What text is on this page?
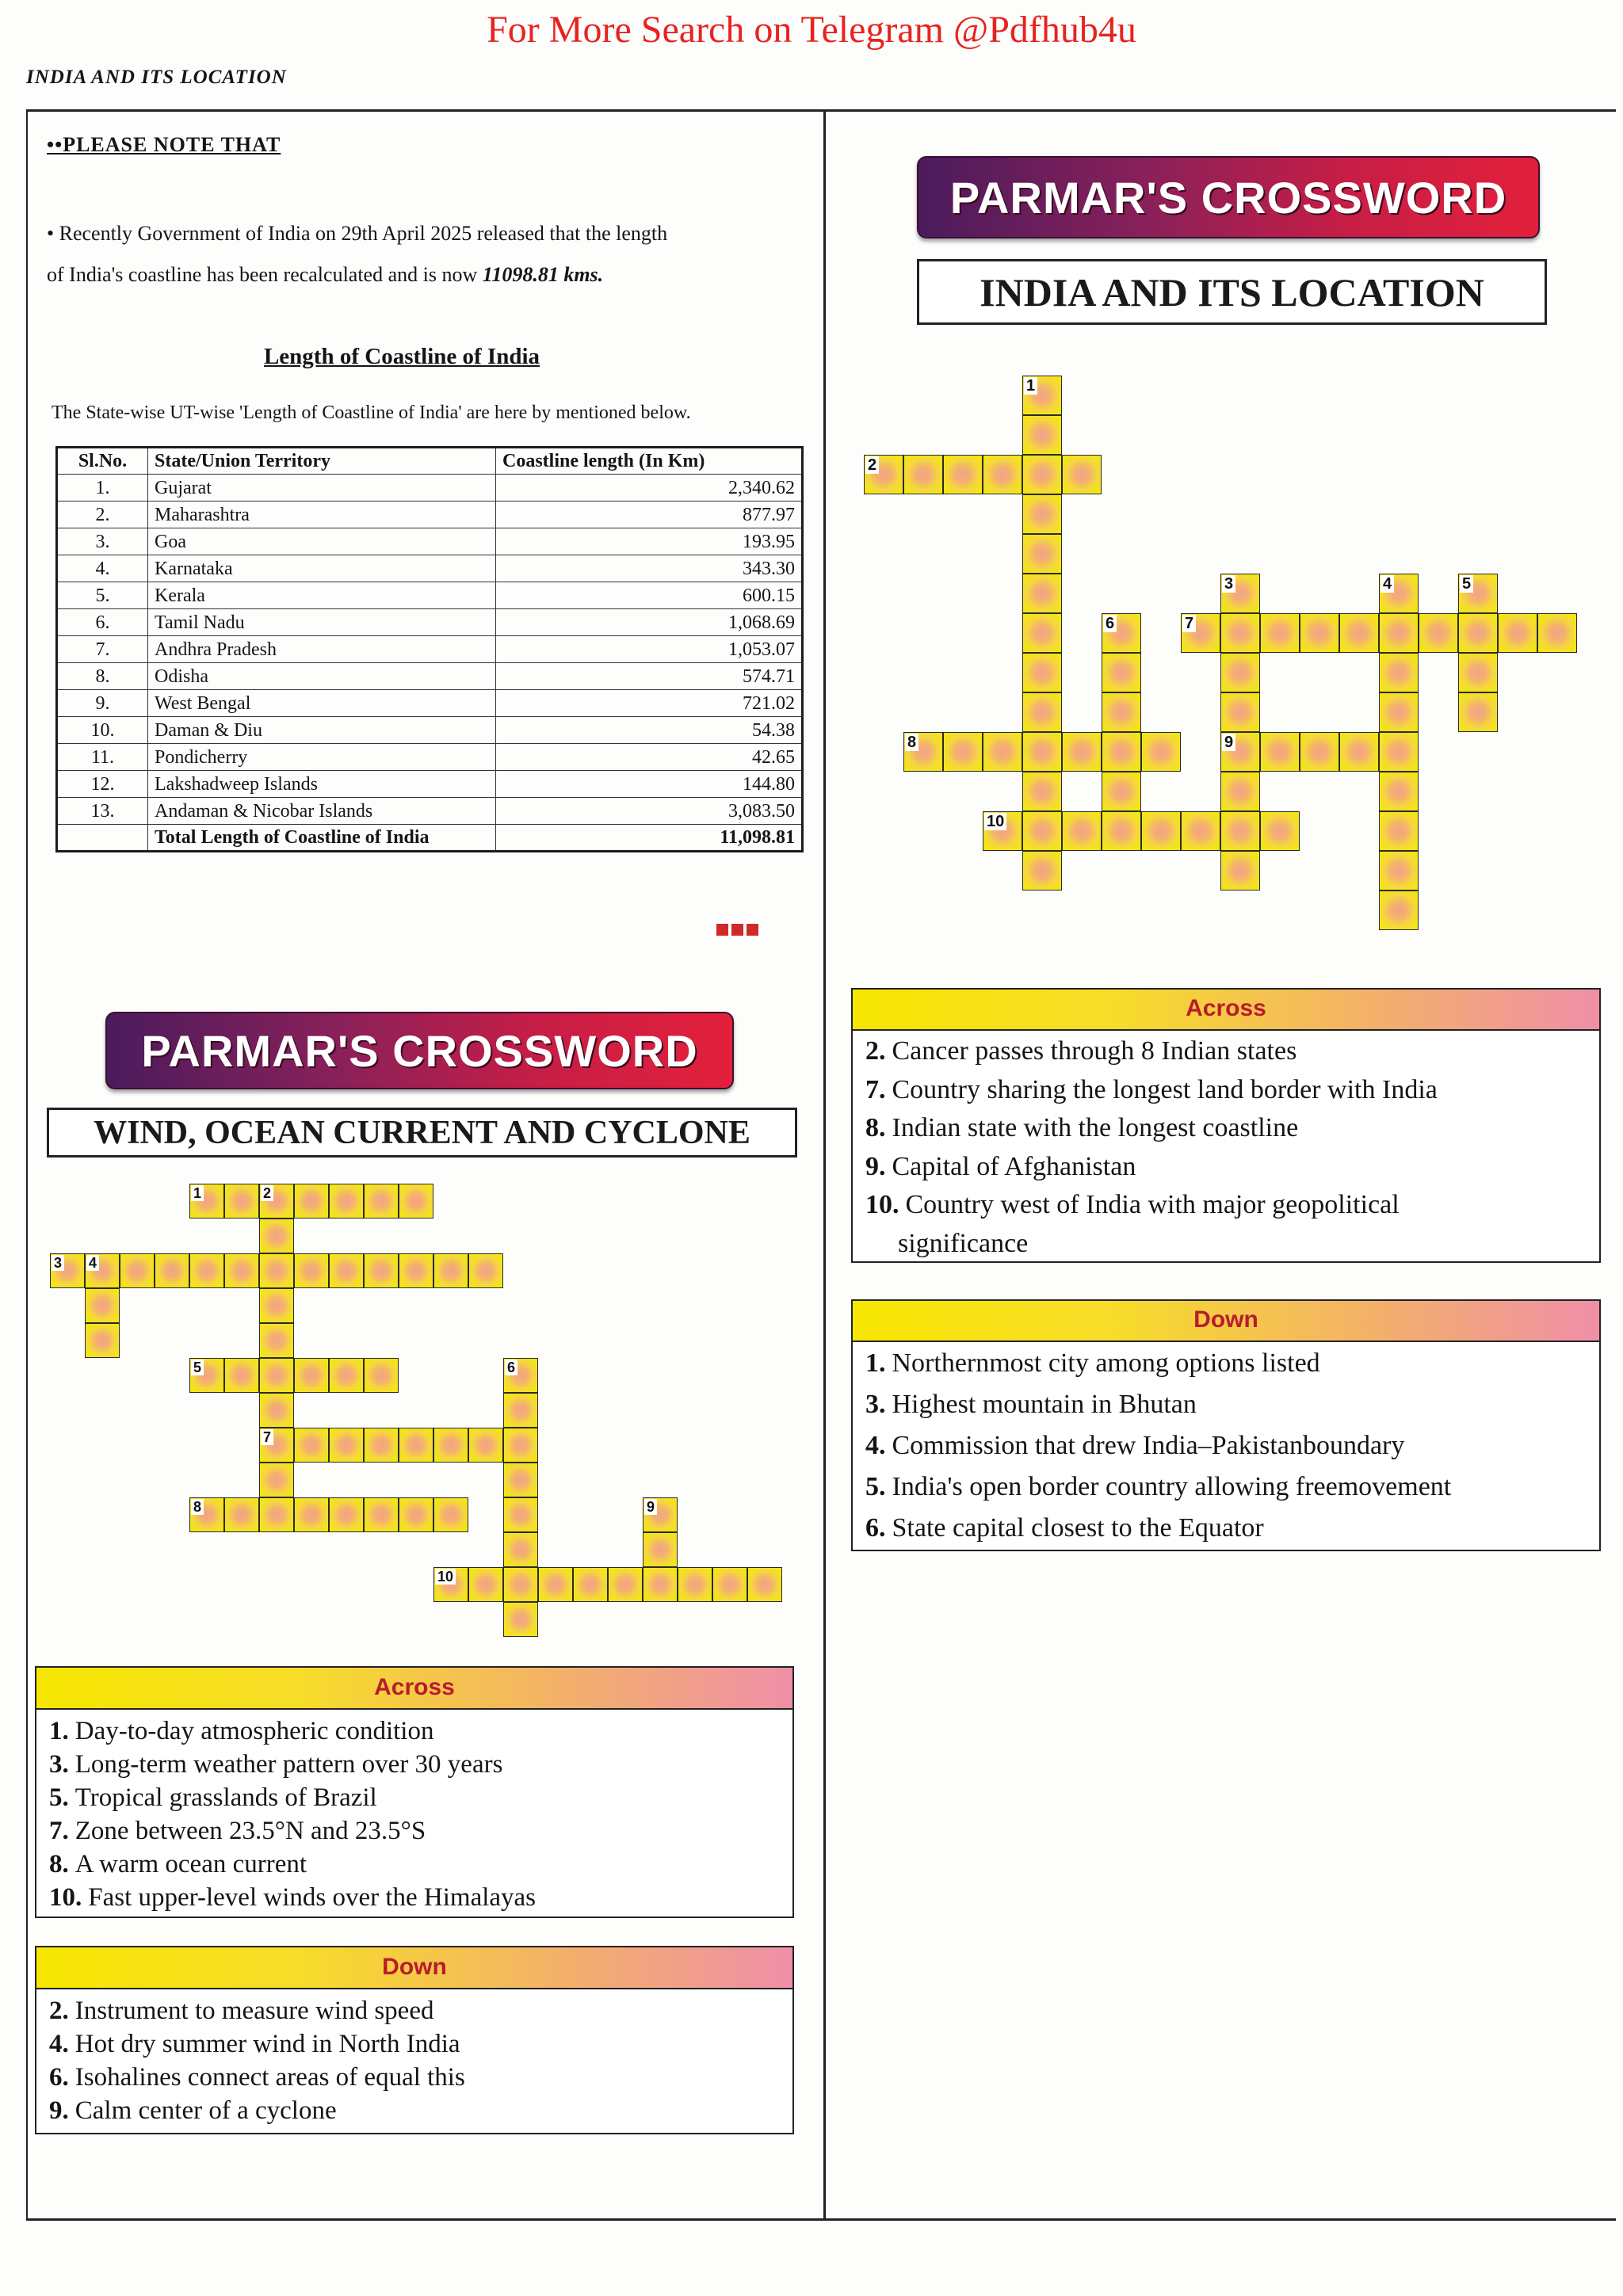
For More Search on Telegram @Pdfhub4u
INDIA AND ITS LOCATION
••PLEASE NOTE THAT
• Recently Government of India on 29th April 2025 released that the length
of India's coastline has been recalculated and is now 11098.81 kms.
Length of Coastline of India
The State-wise UT-wise 'Length of Coastline of India' are here by mentioned below.
Sl.No.	State/Union Territory	Coastline length (In Km)
1.	Gujarat	2,340.62
2.	Maharashtra	877.97
3.	Goa	193.95
4.	Karnataka	343.30
5.	Kerala	600.15
6.	Tamil Nadu	1,068.69
7.	Andhra Pradesh	1,053.07
8.	Odisha	574.71
9.	West Bengal	721.02
10.	Daman & Diu	54.38
11.	Pondicherry	42.65
12.	Lakshadweep Islands	144.80
13.	Andaman & Nicobar Islands	3,083.50
	Total Length of Coastline of India	11,098.81
PARMAR'S CROSSWORD
WIND, OCEAN CURRENT AND CYCLONE
1	2
7
3 4
5	6
8	9
10
Across
1. Day-to-day atmospheric condition
3. Long-term weather pattern over 30 years
5. Tropical grasslands of Brazil
7. Zone between 23.5°N and 23.5°S
8. A warm ocean current
10. Fast upper-level winds over the Himalayas
Down
2. Instrument to measure wind speed
4. Hot dry summer wind in North India
6. Isohalines connect areas of equal this
9. Calm center of a cyclone
PARMAR'S CROSSWORD
INDIA AND ITS LOCATION
1
2
3
9
4	5
6	7
8
10
Across
2. Cancer passes through 8 Indian states
7. Country sharing the longest land border with India
8. Indian state with the longest coastline
9. Capital of Afghanistan
10. Country west of India with major geopolitical
significance
Down
1. Northernmost city among options listed
3. Highest mountain in Bhutan
4. Commission that drew India–Pakistanboundary
5. India's open border country allowing freemovement
6. State capital closest to the Equator
